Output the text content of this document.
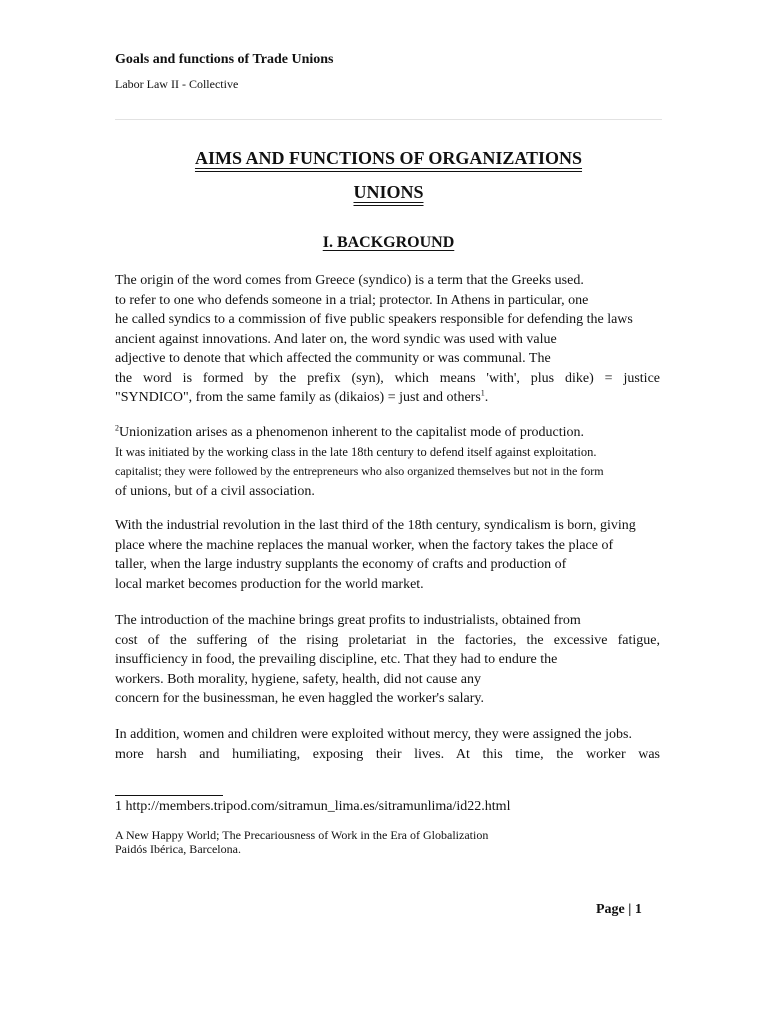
Goals and functions of Trade Unions
Labor Law II - Collective
AIMS AND FUNCTIONS OF ORGANIZATIONS
UNIONS
I. BACKGROUND
The origin of the word comes from Greece (syndico) is a term that the Greeks used.
to refer to one who defends someone in a trial; protector. In Athens in particular, one
he called syndics to a commission of five public speakers responsible for defending the laws
ancient against innovations. And later on, the word syndic was used with value
adjective to denote that which affected the community or was communal. The
the word is formed by the prefix (syn), which means 'with', plus dike) = justice
"SYNDICO", from the same family as (dikaios) = just and others$^1$.
$^2$Unionization arises as a phenomenon inherent to the capitalist mode of production.
It was initiated by the working class in the late 18th century to defend itself against exploitation.
capitalist; they were followed by the entrepreneurs who also organized themselves but not in the form
of unions, but of a civil association.
With the industrial revolution in the last third of the 18th century, syndicalism is born, giving
place where the machine replaces the manual worker, when the factory takes the place of
taller, when the large industry supplants the economy of crafts and production of
local market becomes production for the world market.
The introduction of the machine brings great profits to industrialists, obtained from
cost of the suffering of the rising proletariat in the factories, the excessive fatigue,
insufficiency in food, the prevailing discipline, etc. That they had to endure the
workers. Both morality, hygiene, safety, health, did not cause any
concern for the businessman, he even haggled the worker's salary.
In addition, women and children were exploited without mercy, they were assigned the jobs.
more harsh and humiliating, exposing their lives. At this time, the worker was
1 http://members.tripod.com/sitramun_lima.es/sitramunlima/id22.html
A New Happy World; The Precariousness of Work in the Era of Globalization
Paidós Ibérica, Barcelona.
Page | 1
